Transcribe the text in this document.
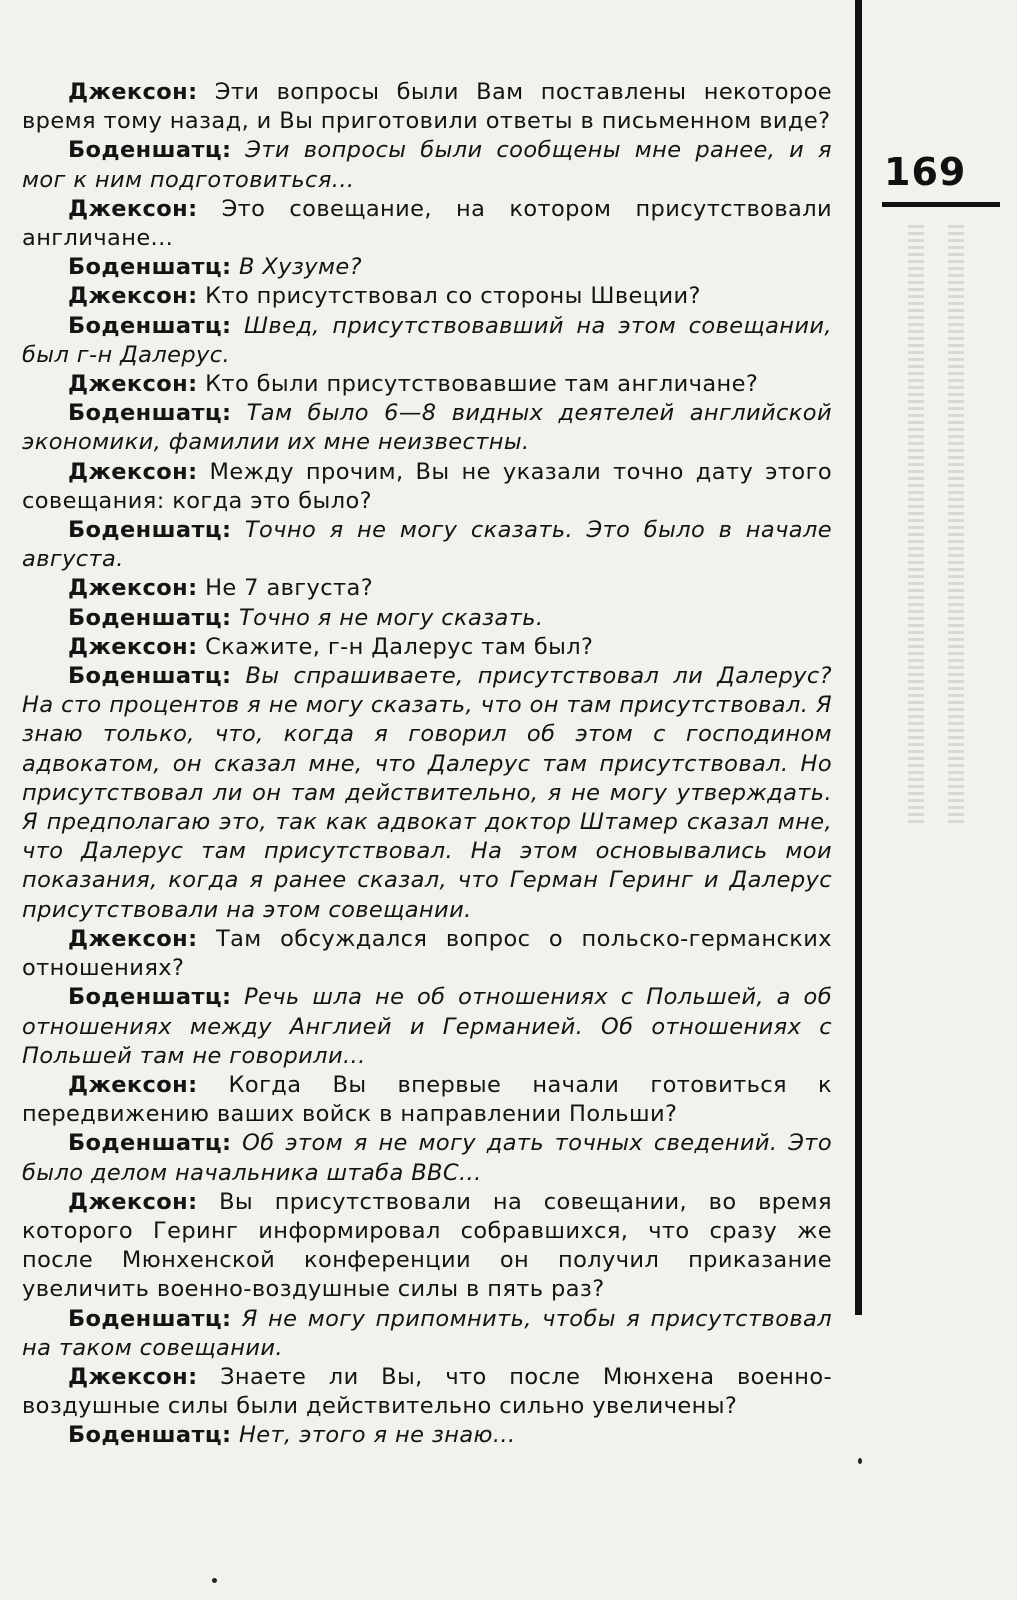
169

Джексон: Эти вопросы были Вам поставлены некоторое время тому назад, и Вы приготовили ответы в письменном виде?

Боденшатц: Эти вопросы были сообщены мне ранее, и я мог к ним подготовиться...

Джексон: Это совещание, на котором присутствовали англичане...

Боденшатц: В Хузуме?

Джексон: Кто присутствовал со стороны Швеции?

Боденшатц: Швед, присутствовавший на этом совещании, был г-н Далерус.

Джексон: Кто были присутствовавшие там англичане?

Боденшатц: Там было 6—8 видных деятелей английской экономики, фамилии их мне неизвестны.

Джексон: Между прочим, Вы не указали точно дату этого совещания: когда это было?

Боденшатц: Точно я не могу сказать. Это было в начале августа.

Джексон: Не 7 августа?

Боденшатц: Точно я не могу сказать.

Джексон: Скажите, г-н Далерус там был?

Боденшатц: Вы спрашиваете, присутствовал ли Далерус? На сто процентов я не могу сказать, что он там присутствовал. Я знаю только, что, когда я говорил об этом с господином адвокатом, он сказал мне, что Далерус там присутствовал. Но присутствовал ли он там действительно, я не могу утверждать. Я предполагаю это, так как адвокат доктор Штамер сказал мне, что Далерус там присутствовал. На этом основывались мои показания, когда я ранее сказал, что Герман Геринг и Далерус присутствовали на этом совещании.

Джексон: Там обсуждался вопрос о польско-германских отношениях?

Боденшатц: Речь шла не об отношениях с Польшей, а об отношениях между Англией и Германией. Об отношениях с Польшей там не говорили...

Джексон: Когда Вы впервые начали готовиться к передвижению ваших войск в направлении Польши?

Боденшатц: Об этом я не могу дать точных сведений. Это было делом начальника штаба ВВС...

Джексон: Вы присутствовали на совещании, во время которого Геринг информировал собравшихся, что сразу же после Мюнхенской конференции он получил приказание увеличить военно-воздушные силы в пять раз?

Боденшатц: Я не могу припомнить, чтобы я присутствовал на таком совещании.

Джексон: Знаете ли Вы, что после Мюнхена военно-воздушные силы были действительно сильно увеличены?

Боденшатц: Нет, этого я не знаю...
